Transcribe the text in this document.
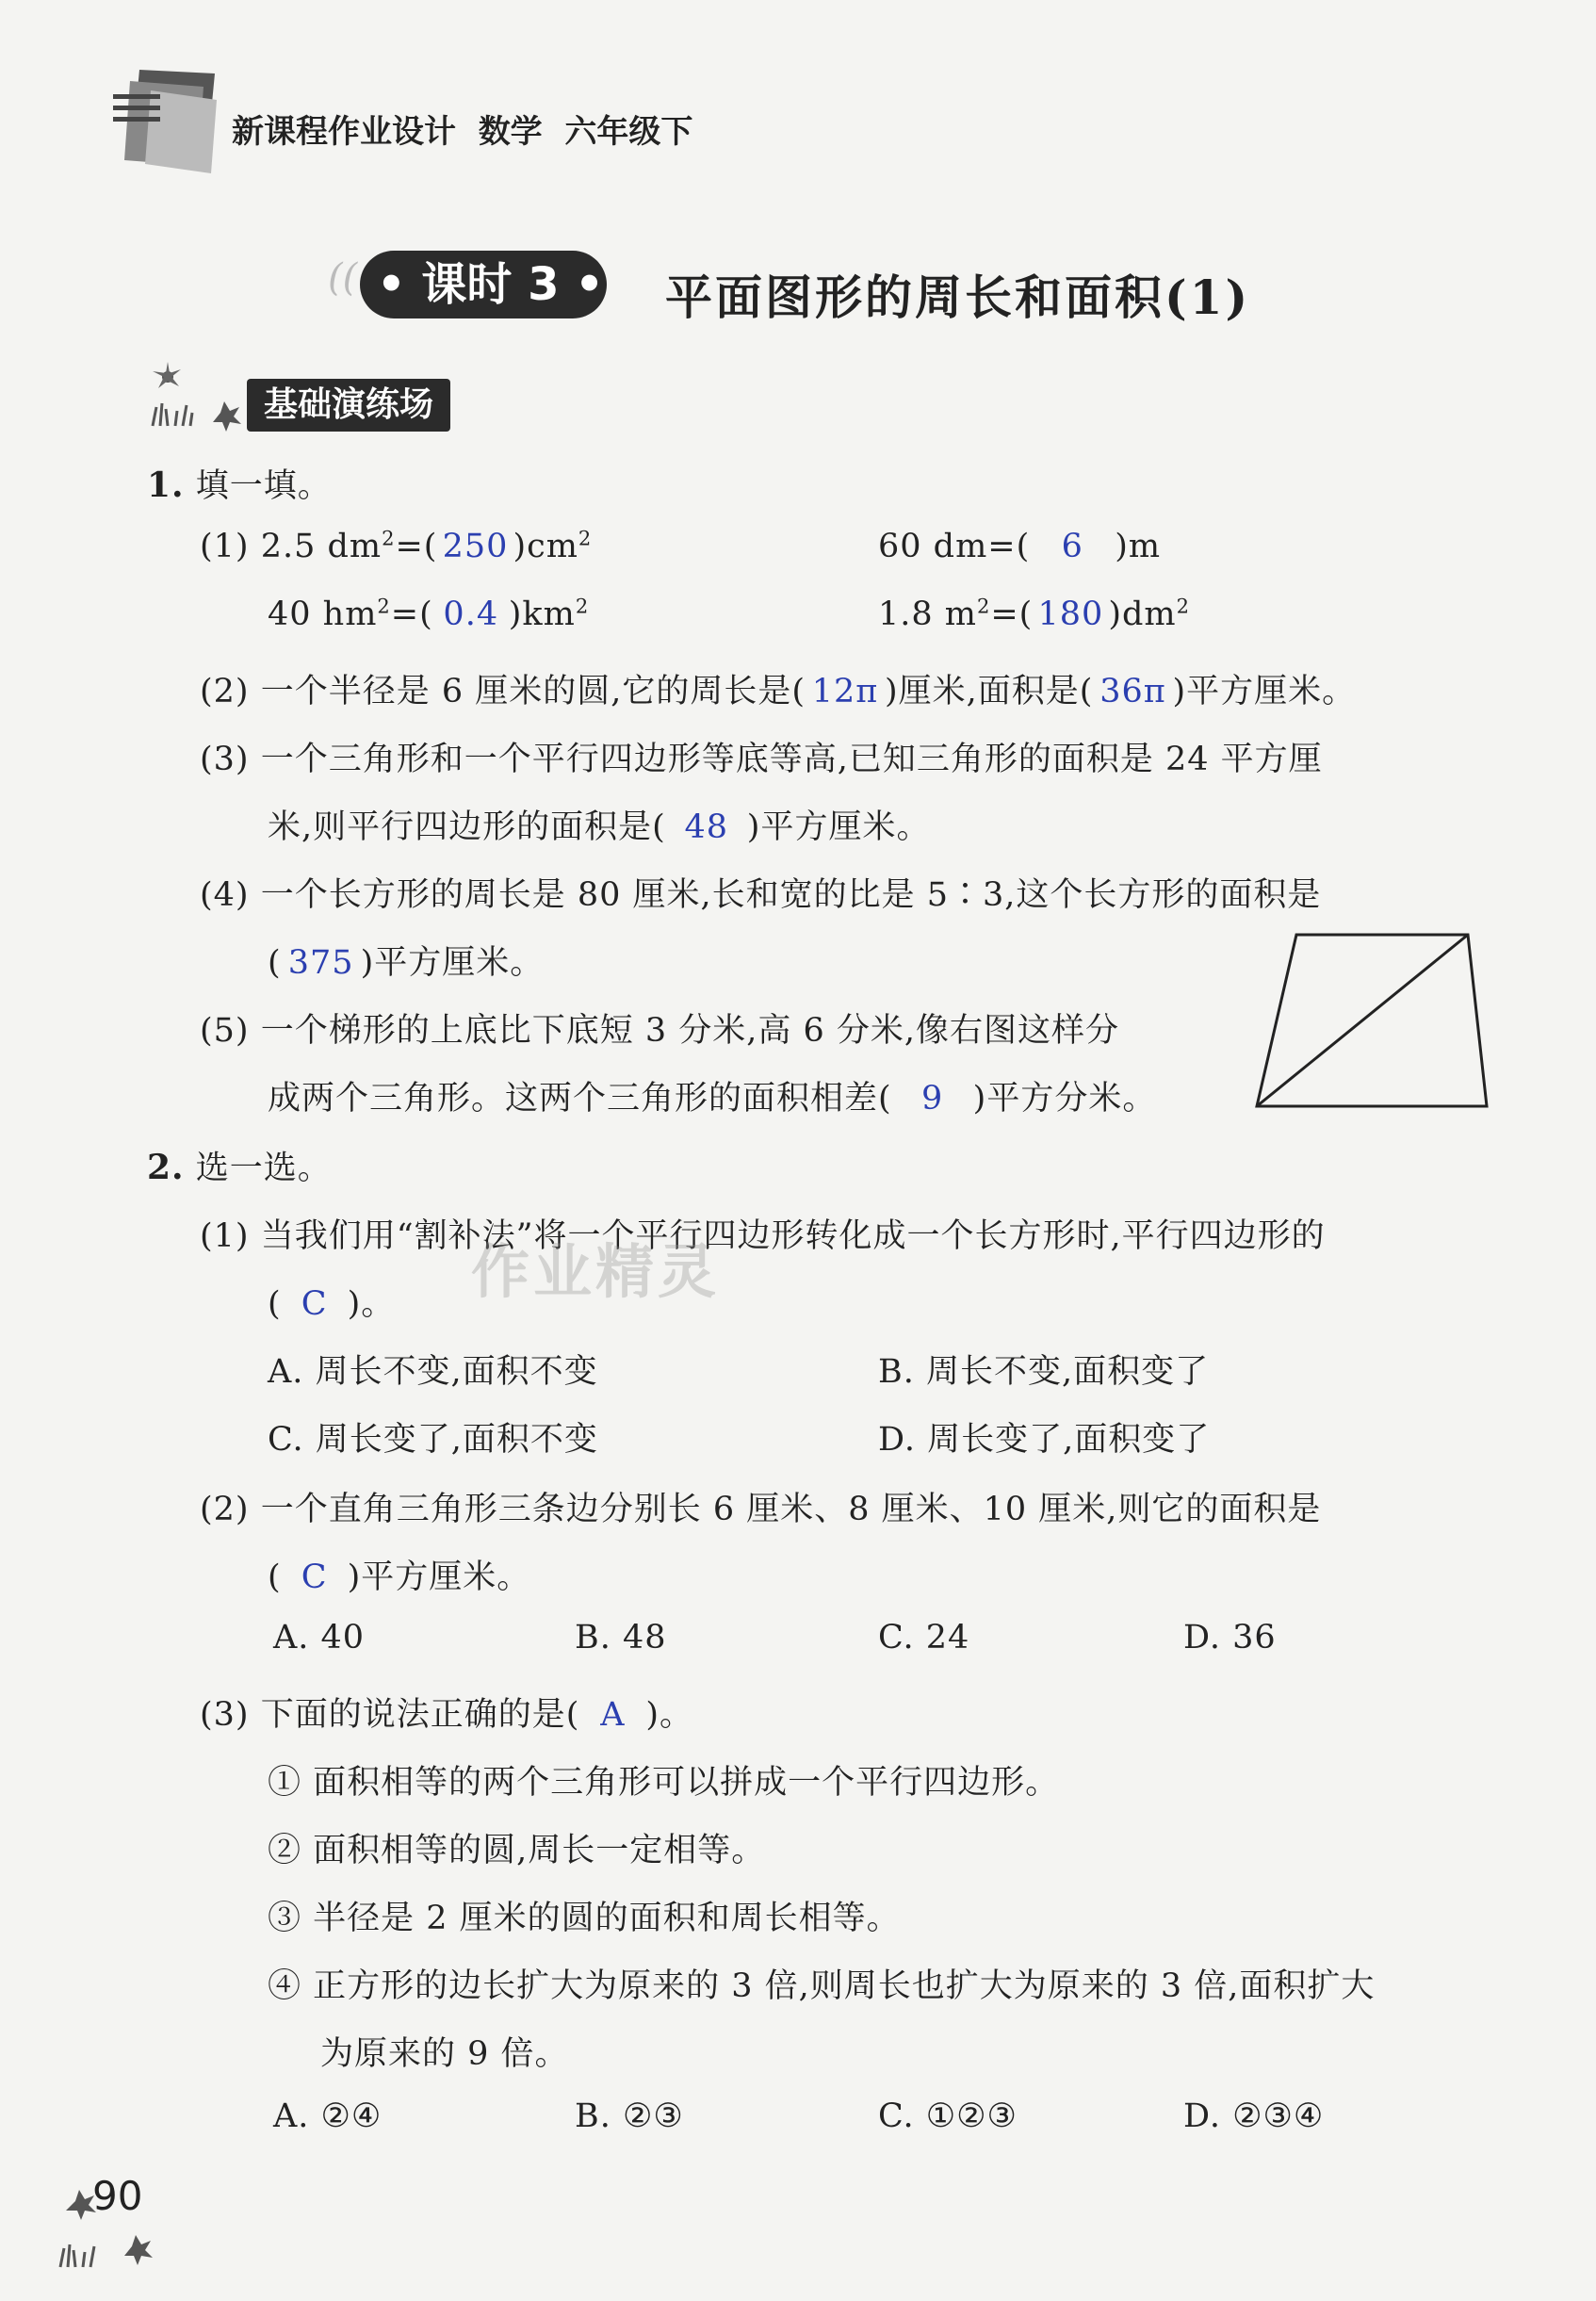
新课程作业设计 数学 六年级下
(( • 课时 3 • 平面图形的周长和面积(1)
基础演练场
1. 填一填。
(1) 2.5 $dm^2=$( 250 )$cm^2$	60 dm=( 6 )m
40 $hm^2=$( 0.4 )$km^2$	1.8 $m^2=$( 180 )$dm^2$
(2) 一个半径是 6 厘米的圆,它的周长是( 12π )厘米,面积是( 36π )平方厘米。
(3) 一个三角形和一个平行四边形等底等高,已知三角形的面积是 24 平方厘
米,则平行四边形的面积是( 48 )平方厘米。
(4) 一个长方形的周长是 80 厘米,长和宽的比是 5∶3,这个长方形的面积是
( 375 )平方厘米。
(5) 一个梯形的上底比下底短 3 分米,高 6 分米,像右图这样分
成两个三角形。这两个三角形的面积相差( 9 )平方分米。
2. 选一选。
(1) 当我们用“割补法”将一个平行四边形转化成一个长方形时,平行四边形的
( C )。
A. 周长不变,面积不变	B. 周长不变,面积变了
C. 周长变了,面积不变	D. 周长变了,面积变了
作业精灵
(2) 一个直角三角形三条边分别长 6 厘米、8 厘米、10 厘米,则它的面积是
( C )平方厘米。
A. 40	B. 48	C. 24	D. 36
(3) 下面的说法正确的是( A )。
① 面积相等的两个三角形可以拼成一个平行四边形。
② 面积相等的圆,周长一定相等。
③ 半径是 2 厘米的圆的面积和周长相等。
④ 正方形的边长扩大为原来的 3 倍,则周长也扩大为原来的 3 倍,面积扩大
为原来的 9 倍。
A. ②④	B. ②③	C. ①②③	D. ②③④
90
